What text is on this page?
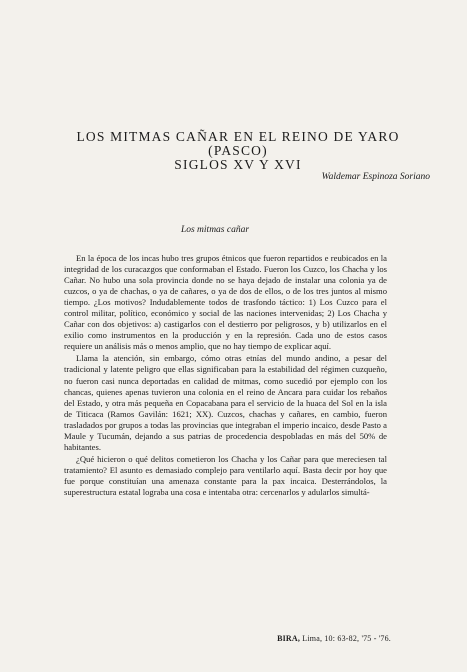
LOS MITMAS CAÑAR EN EL REINO DE YARO (PASCO)
SIGLOS XV Y XVI
Waldemar Espinoza Soriano
Los mitmas cañar

En la época de los incas hubo tres grupos étnicos que fueron repartidos e reubicados en la integridad de los curacazgos que conformaban el Estado. Fueron los Cuzco, los Chacha y los Cañar. No hubo una sola provincia donde no se haya dejado de instalar una colonia ya de cuzcos, o ya de chachas, o ya de cañares, o ya de dos de ellos, o de los tres juntos al mismo tiempo. ¿Los motivos? Indudablemente todos de trasfondo táctico: 1) Los Cuzco para el control militar, político, económico y social de las naciones intervenidas; 2) Los Chacha y Cañar con dos objetivos: a) castigarlos con el destierro por peligrosos, y b) utilizarlos en el exilio como instrumentos en la producción y en la represión. Cada uno de estos casos requiere un análisis más o menos amplio, que no hay tiempo de explicar aquí.

Llama la atención, sin embargo, cómo otras etnías del mundo andino, a pesar del tradicional y latente peligro que ellas significaban para la estabilidad del régimen cuzqueño, no fueron casi nunca deportadas en calidad de mitmas, como sucedió por ejemplo con los chancas, quienes apenas tuvieron una colonia en el reino de Ancara para cuidar los rebaños del Estado, y otra más pequeña en Copacabana para el servicio de la huaca del Sol en la isla de Titicaca (Ramos Gavilán: 1621; XX). Cuzcos, chachas y cañares, en cambio, fueron trasladados por grupos a todas las provincias que integraban el imperio incaico, desde Pasto a Maule y Tucumán, dejando a sus patrias de procedencia despobladas en más del 50% de habitantes.

¿Qué hicieron o qué delitos cometieron los Chacha y los Cañar para que mereciesen tal tratamiento? El asunto es demasiado complejo para ventilarlo aquí. Basta decir por hoy que fue porque constituían una amenaza constante para la pax incaica. Desterrándolos, la superestructura estatal lograba una cosa e intentaba otra: cercenarlos y adularlos simultá-

BIRA, Lima, 10: 63-82, '75 - '76.
